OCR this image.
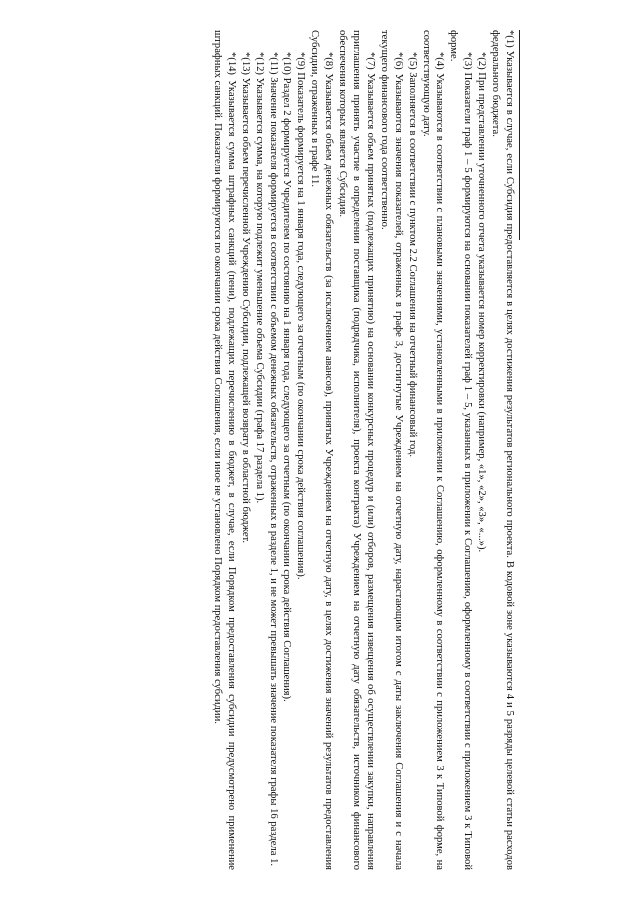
*(1) Указывается в случае, если Субсидия предоставляется в целях достижения результатов регионального проекта. В кодовой зоне указываются 4 и 5 разряды целевой статьи расходов федерального бюджета.

*(2) При представлении уточненного отчета указывается номер корректировки (например, «1», «2», «3», «...»).

*(3) Показатели граф 1 – 5 формируются на основании показателей граф 1 – 5, указанных в приложении к Соглашению, оформленному в соответствии с приложением 3 к Типовой форме.

*(4) Указываются в соответствии с плановыми значениями, установленными в приложении к Соглашению, оформленному в соответствии с приложением 3 к Типовой форме, на соответствующую дату.

*(5) Заполняется в соответствии с пунктом 2.2 Соглашения на отчетный финансовый год.

*(6) Указываются значения показателей, отраженных в графе 3, достигнутые Учреждением на отчетную дату, нарастающим итогом с даты заключения Соглашения и с начала текущего финансового года соответственно.

*(7) Указывается объем принятых (подлежащих принятию) на основании конкурсных процедур и (или) отборов, размещения извещения об осуществлении закупки, направления приглашения принять участие в определении поставщика (подрядчика, исполнителя), проекта контракта) Учреждением на отчетную дату обязательств, источником финансового обеспечения которых является Субсидия.

*(8) Указывается объем денежных обязательств (за исключением авансов), принятых Учреждением на отчетную дату, в целях достижения значений результатов предоставления Субсидии, отраженных в графе 11.

*(9) Показатель формируется на 1 января года, следующего за отчетным (по окончании срока действия соглашения).

*(10) Раздел 2 формируется Учредителем по состоянию на 1 января года, следующего за отчетным (по окончании срока действия Соглашения).

*(11) Значение показателя формируется в соответствии с объемом денежных обязательств, отраженных в разделе 1, и не может превышать значение показателя графы 16 раздела 1.

*(12) Указывается сумма, на которую подлежит уменьшение объема Субсидии (графа 17 раздела 1).

*(13) Указывается объем перечисленной Учреждению Субсидии, подлежащей возврату в областной бюджет.

*(14) Указывается сумма штрафных санкций (пени), подлежащих перечислению в бюджет, в случае, если Порядком предоставления субсидии предусмотрено применение штрафных санкций. Показатели формируются по окончании срока действия Соглашения, если иное не установлено Порядком предоставления субсидии.
